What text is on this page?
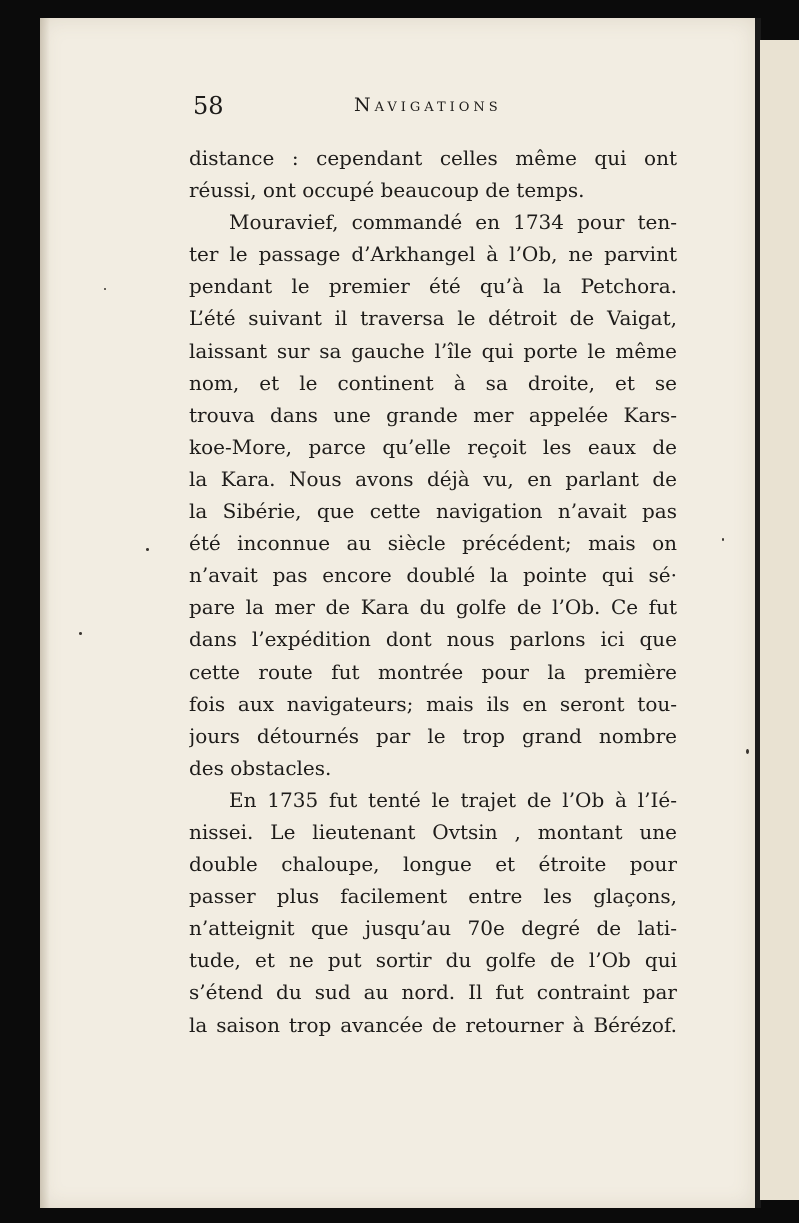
58	Navigations
distance : cependant celles même qui ont
réussi, ont occupé beaucoup de temps.
Mouravief, commandé en 1734 pour ten-
ter le passage d’Arkhangel à l’Ob, ne parvint
pendant le premier été qu’à la Petchora.
L’été suivant il traversa le détroit de Vaigat,
laissant sur sa gauche l’île qui porte le même
nom, et le continent à sa droite, et se
trouva dans une grande mer appelée Kars-
koe-More, parce qu’elle reçoit les eaux de
la Kara. Nous avons déjà vu, en parlant de
la Sibérie, que cette navigation n’avait pas
été inconnue au siècle précédent; mais on
n’avait pas encore doublé la pointe qui sé·
pare la mer de Kara du golfe de l’Ob. Ce fut
dans l’expédition dont nous parlons ici que
cette route fut montrée pour la première
fois aux navigateurs; mais ils en seront tou-
jours détournés par le trop grand nombre
des obstacles.
En 1735 fut tenté le trajet de l’Ob à l’Ié-
nissei. Le lieutenant Ovtsin , montant une
double chaloupe, longue et étroite pour
passer plus facilement entre les glaçons,
n’atteignit que jusqu’au 70e degré de lati-
tude, et ne put sortir du golfe de l’Ob qui
s’étend du sud au nord. Il fut contraint par
la saison trop avancée de retourner à Bérézof.
